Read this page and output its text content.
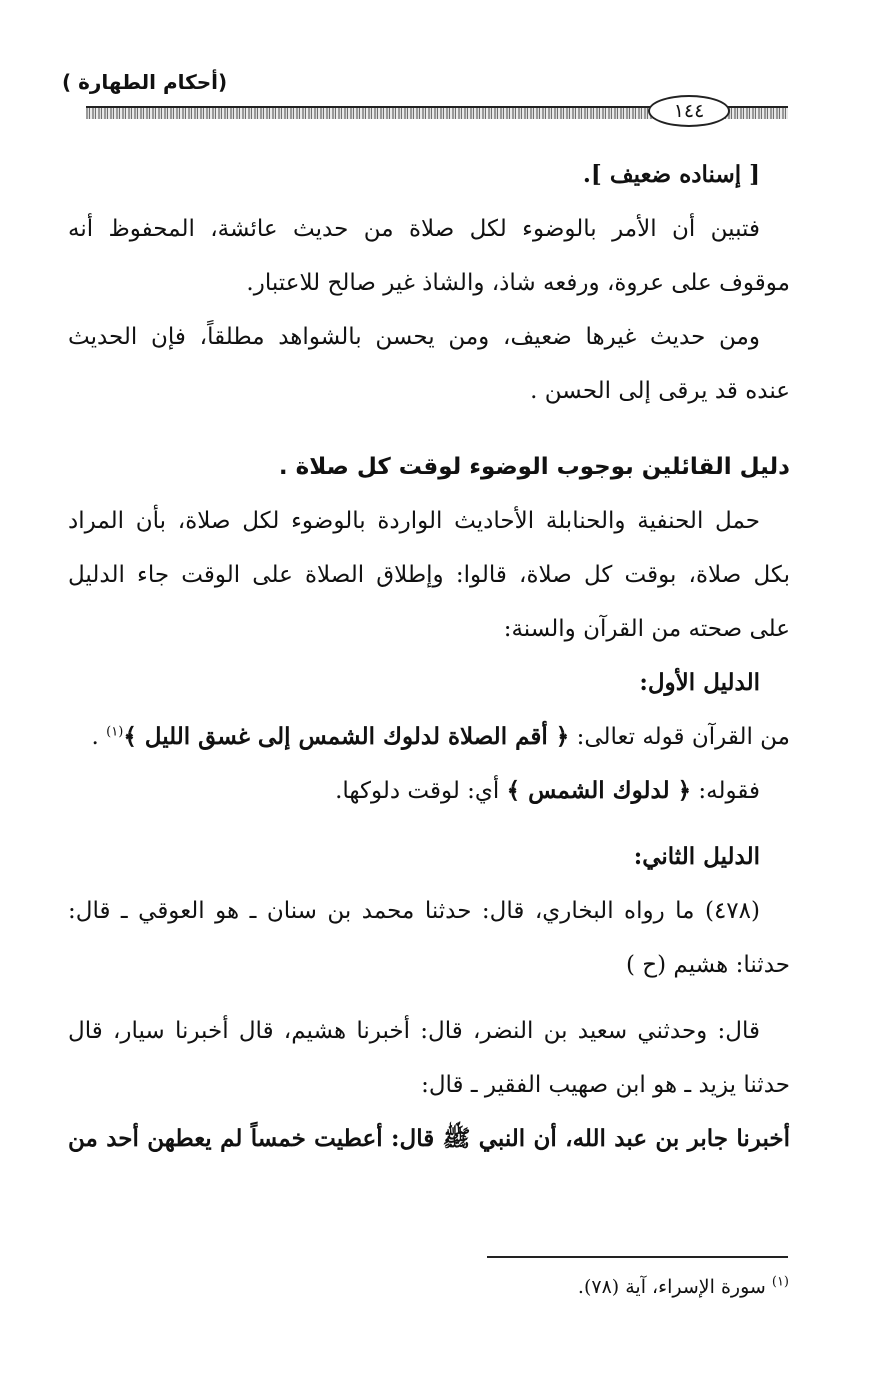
(أحكام الطهارة )
١٤٤
[ إسناده ضعيف ].
فتبين أن الأمر بالوضوء لكل صلاة من حديث عائشة، المحفوظ أنه
موقوف على عروة، ورفعه شاذ، والشاذ غير صالح للاعتبار.
ومن حديث غيرها ضعيف، ومن يحسن بالشواهد مطلقاً، فإن الحديث
عنده قد يرقى إلى الحسن .
دليل القائلين بوجوب الوضوء لوقت كل صلاة .
حمل الحنفية والحنابلة الأحاديث الواردة بالوضوء لكل صلاة، بأن المراد
بكل صلاة، بوقت كل صلاة، قالوا: وإطلاق الصلاة على الوقت جاء الدليل
على صحته من القرآن والسنة:
الدليل الأول:
من القرآن قوله تعالى: ﴿ أقم الصلاة لدلوك الشمس إلى غسق الليل ﴾$^{(١)}$ .
فقوله: ﴿ لدلوك الشمس ﴾ أي: لوقت دلوكها.
الدليل الثاني:
(٤٧٨) ما رواه البخاري، قال: حدثنا محمد بن سنان ـ هو العوقي ـ قال:
حدثنا: هشيم (ح )
قال: وحدثني سعيد بن النضر، قال: أخبرنا هشيم، قال أخبرنا سيار، قال
حدثنا يزيد ـ هو ابن صهيب الفقير ـ قال:
أخبرنا جابر بن عبد الله، أن النبي ﷺ قال: أعطيت خمساً لم يعطهن أحد من
$^{(١)}$ سورة الإسراء، آية (٧٨).
